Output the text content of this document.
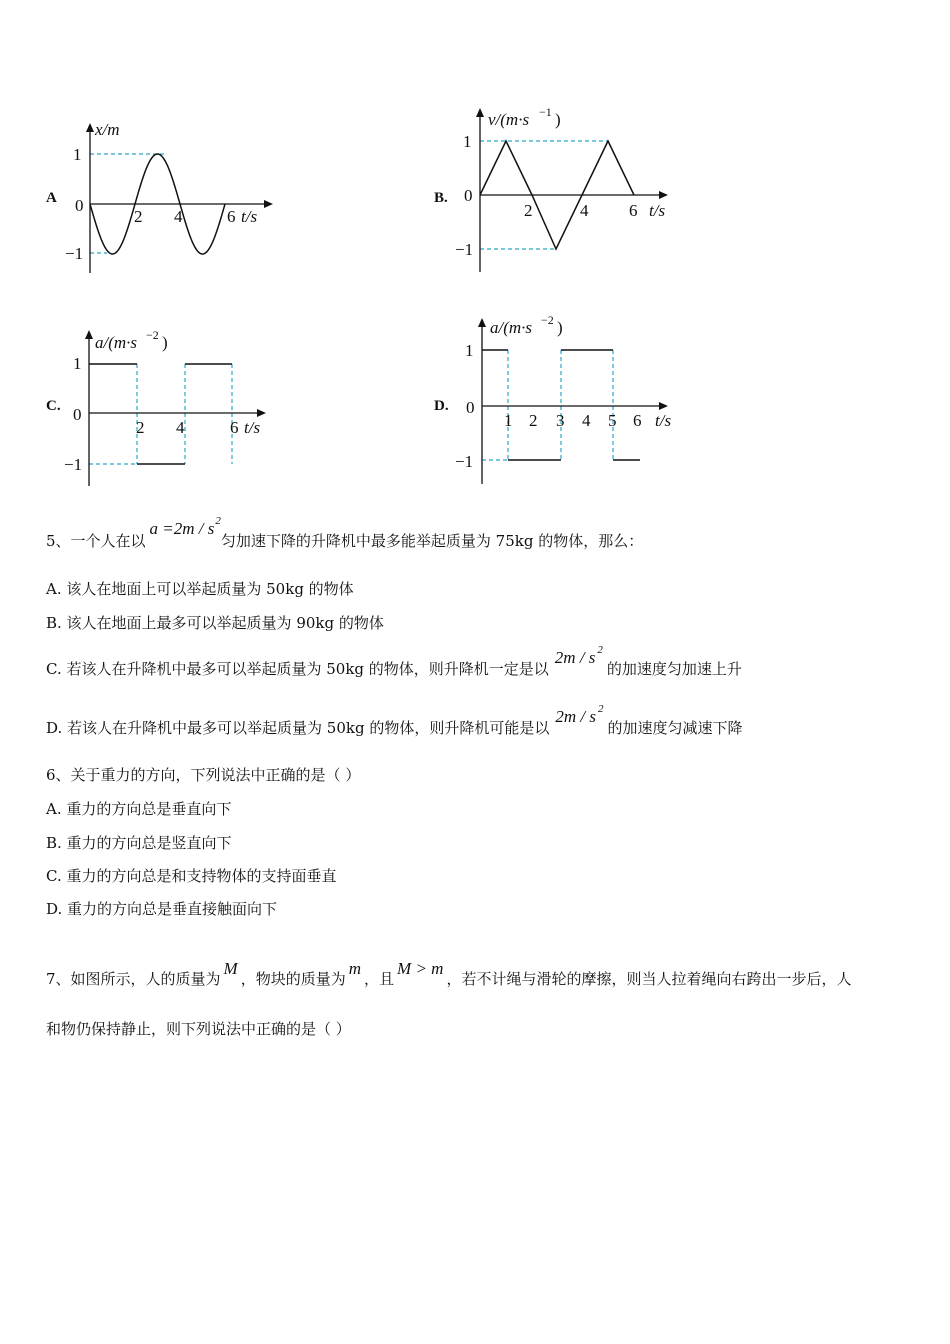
A
x/m
1
0
−1
2 4	6 t/s
B.
v/(m·s −1 )
1
0
−1
2	4 6 t/s
C.
a/(m·s −2 )
1
0
−1
2 4	6 t/s
D.
a/(m·s −2 )
1
0
−1
1 2 3 4 5 6 t/s
5、一个人在以$a =2m / s^2$匀加速下降的升降机中最多能举起质量为 75kg 的物体，那么：
A. 该人在地面上可以举起质量为 50kg 的物体
B. 该人在地面上最多可以举起质量为 90kg 的物体
C. 若该人在升降机中最多可以举起质量为 50kg 的物体，则升降机一定是以2m / s $^2$的加速度匀加速上升
D. 若该人在升降机中最多可以举起质量为 50kg 的物体，则升降机可能是以2m / s $^2$的加速度匀减速下降
6、关于重力的方向，下列说法中正确的是（ ）
A. 重力的方向总是垂直向下
B. 重力的方向总是竖直向下
C. 重力的方向总是和支持物体的支持面垂直
D. 重力的方向总是垂直接触面向下
7、如图所示，人的质量为M，物块的质量为m，且M > m，若不计绳与滑轮的摩擦，则当人拉着绳向右跨出一步后，人
和物仍保持静止，则下列说法中正确的是（ ）
